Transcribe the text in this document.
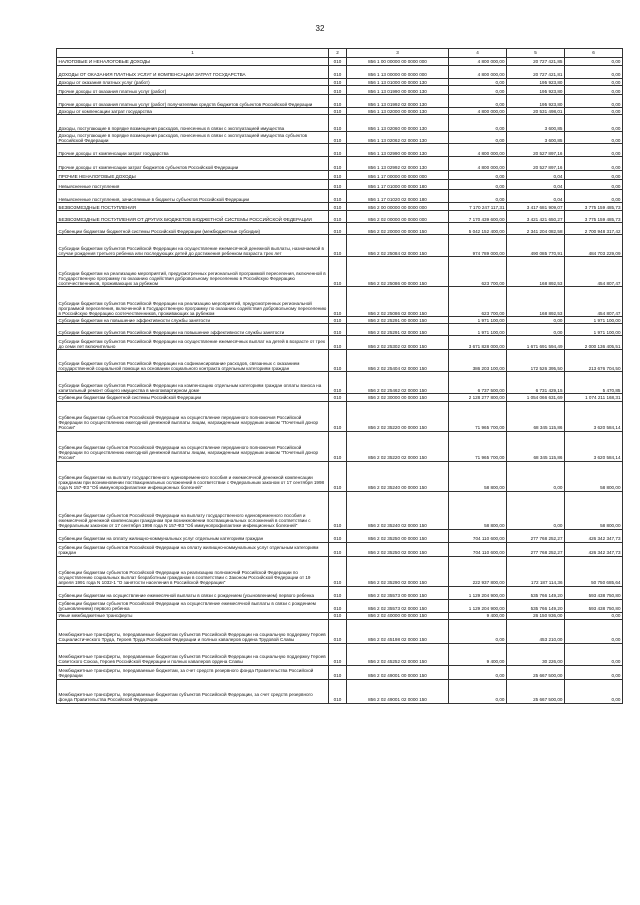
32
1	2	3	4	5	6
НАЛОГОВЫЕ И НЕНАЛОГОВЫЕ ДОХОДЫ	010	856 1 00 00000 00 0000 000	4 800 000,00	20 727 421,85	0,00
ДОХОДЫ ОТ ОКАЗАНИЯ ПЛАТНЫХ УСЛУГ И КОМПЕНСАЦИИ ЗАТРАТ ГОСУДАРСТВА	010	856 1 13 00000 00 0000 000	4 800 000,00	20 727 421,81	0,00
Доходы от оказания платных услуг (работ)	010	856 1 13 01000 00 0000 130	0,00	195 923,80	0,00
Прочие доходы от оказания платных услуг (работ)	010	856 1 13 01990 00 0000 130	0,00	195 923,80	0,00
Прочие доходы от оказания платных услуг (работ) получателями средств бюджетов субъектов Российской Федерации	010	856 1 13 01992 02 0000 130	0,00	195 923,80	0,00
Доходы от компенсации затрат государства	010	856 1 13 02000 00 0000 130	4 800 000,00	20 531 498,01	0,00
Доходы, поступающие в порядке возмещения расходов, понесенных в связи с эксплуатацией имущества	010	856 1 13 02060 00 0000 130	0,00	3 600,85	0,00
Доходы, поступающие в порядке возмещения расходов, понесенных в связи с эксплуатацией имущества субъектов Российской Федерации	010	856 1 13 02062 02 0000 130	0,00	3 600,85	0,00
Прочие доходы от компенсации затрат государства	010	856 1 13 02990 00 0000 130	4 800 000,00	20 527 897,16	0,00
Прочие доходы от компенсации затрат бюджетов субъектов Российской Федерации	010	856 1 13 02992 02 0000 130	4 800 000,00	20 527 897,16	0,00
ПРОЧИЕ НЕНАЛОГОВЫЕ ДОХОДЫ	010	856 1 17 00000 00 0000 000	0,00	0,04	0,00
Невыясненные поступления	010	856 1 17 01000 00 0000 180	0,00	0,04	0,00
Невыясненные поступления, зачисляемые в бюджеты субъектов Российской Федерации	010	856 1 17 01020 02 0000 180	0,00	0,04	0,00
БЕЗВОЗМЕЗДНЫЕ ПОСТУПЛЕНИЯ	010	856 2 00 00000 00 0000 000	7 170 247 117,31	3 417 681 909,07	3 775 159 485,73
БЕЗВОЗМЕЗДНЫЕ ПОСТУПЛЕНИЯ ОТ ДРУГИХ БЮДЖЕТОВ БЮДЖЕТНОЙ СИСТЕМЫ РОССИЙСКОЙ ФЕДЕРАЦИИ	010	856 2 02 00000 00 0000 000	7 170 439 600,00	3 421 421 650,27	3 775 159 485,73
Субвенции бюджетам бюджетной системы Российской Федерации (межбюджетные субсидии)	010	856 2 02 20000 00 0000 150	5 042 152 400,00	2 341 204 082,58	2 700 948 317,42
Субсидии бюджетам субъектов Российской Федерации на осуществление ежемесячной денежной выплаты, назначаемой в случае рождения третьего ребенка или последующих детей до достижения ребенком возраста трех лет	010	856 2 02 25084 02 0000 150	974 789 000,00	490 085 770,91	484 703 229,09
Субсидии бюджетам на реализацию мероприятий, предусмотренных региональной программой переселения, включенной в Государственную программу по оказанию содействия добровольному переселению в Российскую Федерацию соотечественников, проживающих за рубежом	010	856 2 02 25086 00 0000 150	623 700,00	168 892,53	454 807,47
Субсидии бюджетам субъектов Российской Федерации на реализацию мероприятий, предусмотренных региональной программой переселения, включенной в Государственную программу по оказанию содействия добровольному переселению в Российскую Федерацию соотечественников, проживающих за рубежом	010	856 2 02 25086 02 0000 150	623 700,00	168 892,53	454 807,47
Субсидии бюджетам на повышение эффективности службы занятости	010	856 2 02 25291 00 0000 150	1 971 100,00	0,00	1 971 100,00
Субсидии бюджетам субъектов Российской Федерации на повышение эффективности службы занятости	010	856 2 02 25291 02 0000 150	1 971 100,00	0,00	1 971 100,00
Субсидии бюджетам субъектов Российской Федерации на осуществление ежемесячных выплат на детей в возрасте от трех до семи лет включительно	010	856 2 02 25302 02 0000 150	3 671 828 000,00	1 671 691 594,49	2 000 136 405,51
Субсидии бюджетам субъектов Российской Федерации на софинансирование расходов, связанных с оказанием государственной социальной помощи на основании социального контракта отдельным категориям граждан	010	856 2 02 25404 02 0000 150	386 203 100,00	172 526 395,50	213 676 704,50
Субсидии бюджетам субъектов Российской Федерации на компенсацию отдельным категориям граждан оплаты взноса на капитальный ремонт общего имущества в многоквартирном доме	010	856 2 02 25462 02 0000 150	6 737 500,00	6 731 429,15	5 470,85
Субвенции бюджетам бюджетной системы Российской Федерации	010	856 2 02 30000 00 0000 150	2 128 277 800,00	1 054 066 631,69	1 074 211 168,31
Субвенции бюджетам субъектов Российской Федерации на осуществление переданного полномочия Российской Федерации по осуществлению ежегодной денежной выплаты лицам, награжденным нагрудным знаком "Почетный донор России"	010	856 2 02 35220 00 0000 150	71 965 700,00	68 345 115,86	3 620 584,14
Субвенции бюджетам субъектов Российской Федерации на осуществление переданного полномочия Российской Федерации по осуществлению ежегодной денежной выплаты лицам, награжденным нагрудным знаком "Почетный донор России"	010	856 2 02 35220 02 0000 150	71 965 700,00	68 345 115,86	3 620 584,14
Субвенции бюджетам на выплату государственного единовременного пособия и ежемесячной денежной компенсации гражданам при возникновении поствакцинальных осложнений в соответствии с Федеральным законом от 17 сентября 1998 года N 157-ФЗ "Об иммунопрофилактике инфекционных болезней"	010	856 2 02 35240 00 0000 150	58 800,00	0,00	58 800,00
Субвенции бюджетам субъектов Российской Федерации на выплату государственного единовременного пособия и ежемесячной денежной компенсации гражданам при возникновении поствакцинальных осложнений в соответствии с Федеральным законом от 17 сентября 1998 года N 157-ФЗ "Об иммунопрофилактике инфекционных болезней"	010	856 2 02 35240 02 0000 150	58 800,00	0,00	58 800,00
Субвенции бюджетам на оплату жилищно-коммунальных услуг отдельным категориям граждан	010	856 2 02 35250 00 0000 150	704 110 600,00	277 768 252,27	426 342 347,73
Субвенции бюджетам субъектов Российской Федерации на оплату жилищно-коммунальных услуг отдельным категориям граждан	010	856 2 02 35250 02 0000 150	704 110 600,00	277 768 252,27	426 342 347,73
Субвенции бюджетам субъектов Российской Федерации на реализацию полномочий Российской Федерации по осуществлению социальных выплат безработным гражданам в соответствии с Законом Российской Федерации от 19 апреля 1991 года N 1032-1 "О занятости населения в Российской Федерации"	010	856 2 02 35290 02 0000 150	222 937 800,00	172 187 114,36	50 750 685,64
Субвенции бюджетам на осуществление ежемесячной выплаты в связи с рождением (усыновлением) первого ребенка	010	856 2 02 35573 00 0000 150	1 129 204 900,00	535 766 149,20	593 438 750,80
Субвенции бюджетам субъектов Российской Федерации на осуществление ежемесячной выплаты в связи с рождением (усыновлением) первого ребенка	010	856 2 02 35573 02 0000 150	1 129 204 900,00	535 766 149,20	593 438 750,80
Иные межбюджетные трансферты	010	856 2 02 40000 00 0000 150	9 400,00	26 150 936,00	0,00
Межбюджетные трансферты, передаваемые бюджетам субъектов Российской Федерации на социальную поддержку Героев Социалистического Труда, Героев Труда Российской Федерации и полных кавалеров ордена Трудовой Славы	010	856 2 02 45198 02 0000 150	0,00	453 210,00	0,00
Межбюджетные трансферты, передаваемые бюджетам субъектов Российской Федерации на социальную поддержку Героев Советского Союза, Героев Российской Федерации и полных кавалеров ордена Славы	010	856 2 02 45252 02 0000 150	9 400,00	30 226,00	0,00
Межбюджетные трансферты, передаваемые бюджетам, за счет средств резервного фонда Правительства Российской Федерации	010	856 2 02 49001 00 0000 150	0,00	25 667 500,00	0,00
Межбюджетные трансферты, передаваемые бюджетам субъектов Российской Федерации, за счет средств резервного фонда Правительства Российской Федерации	010	856 2 02 49001 02 0000 150	0,00	25 667 500,00	0,00
